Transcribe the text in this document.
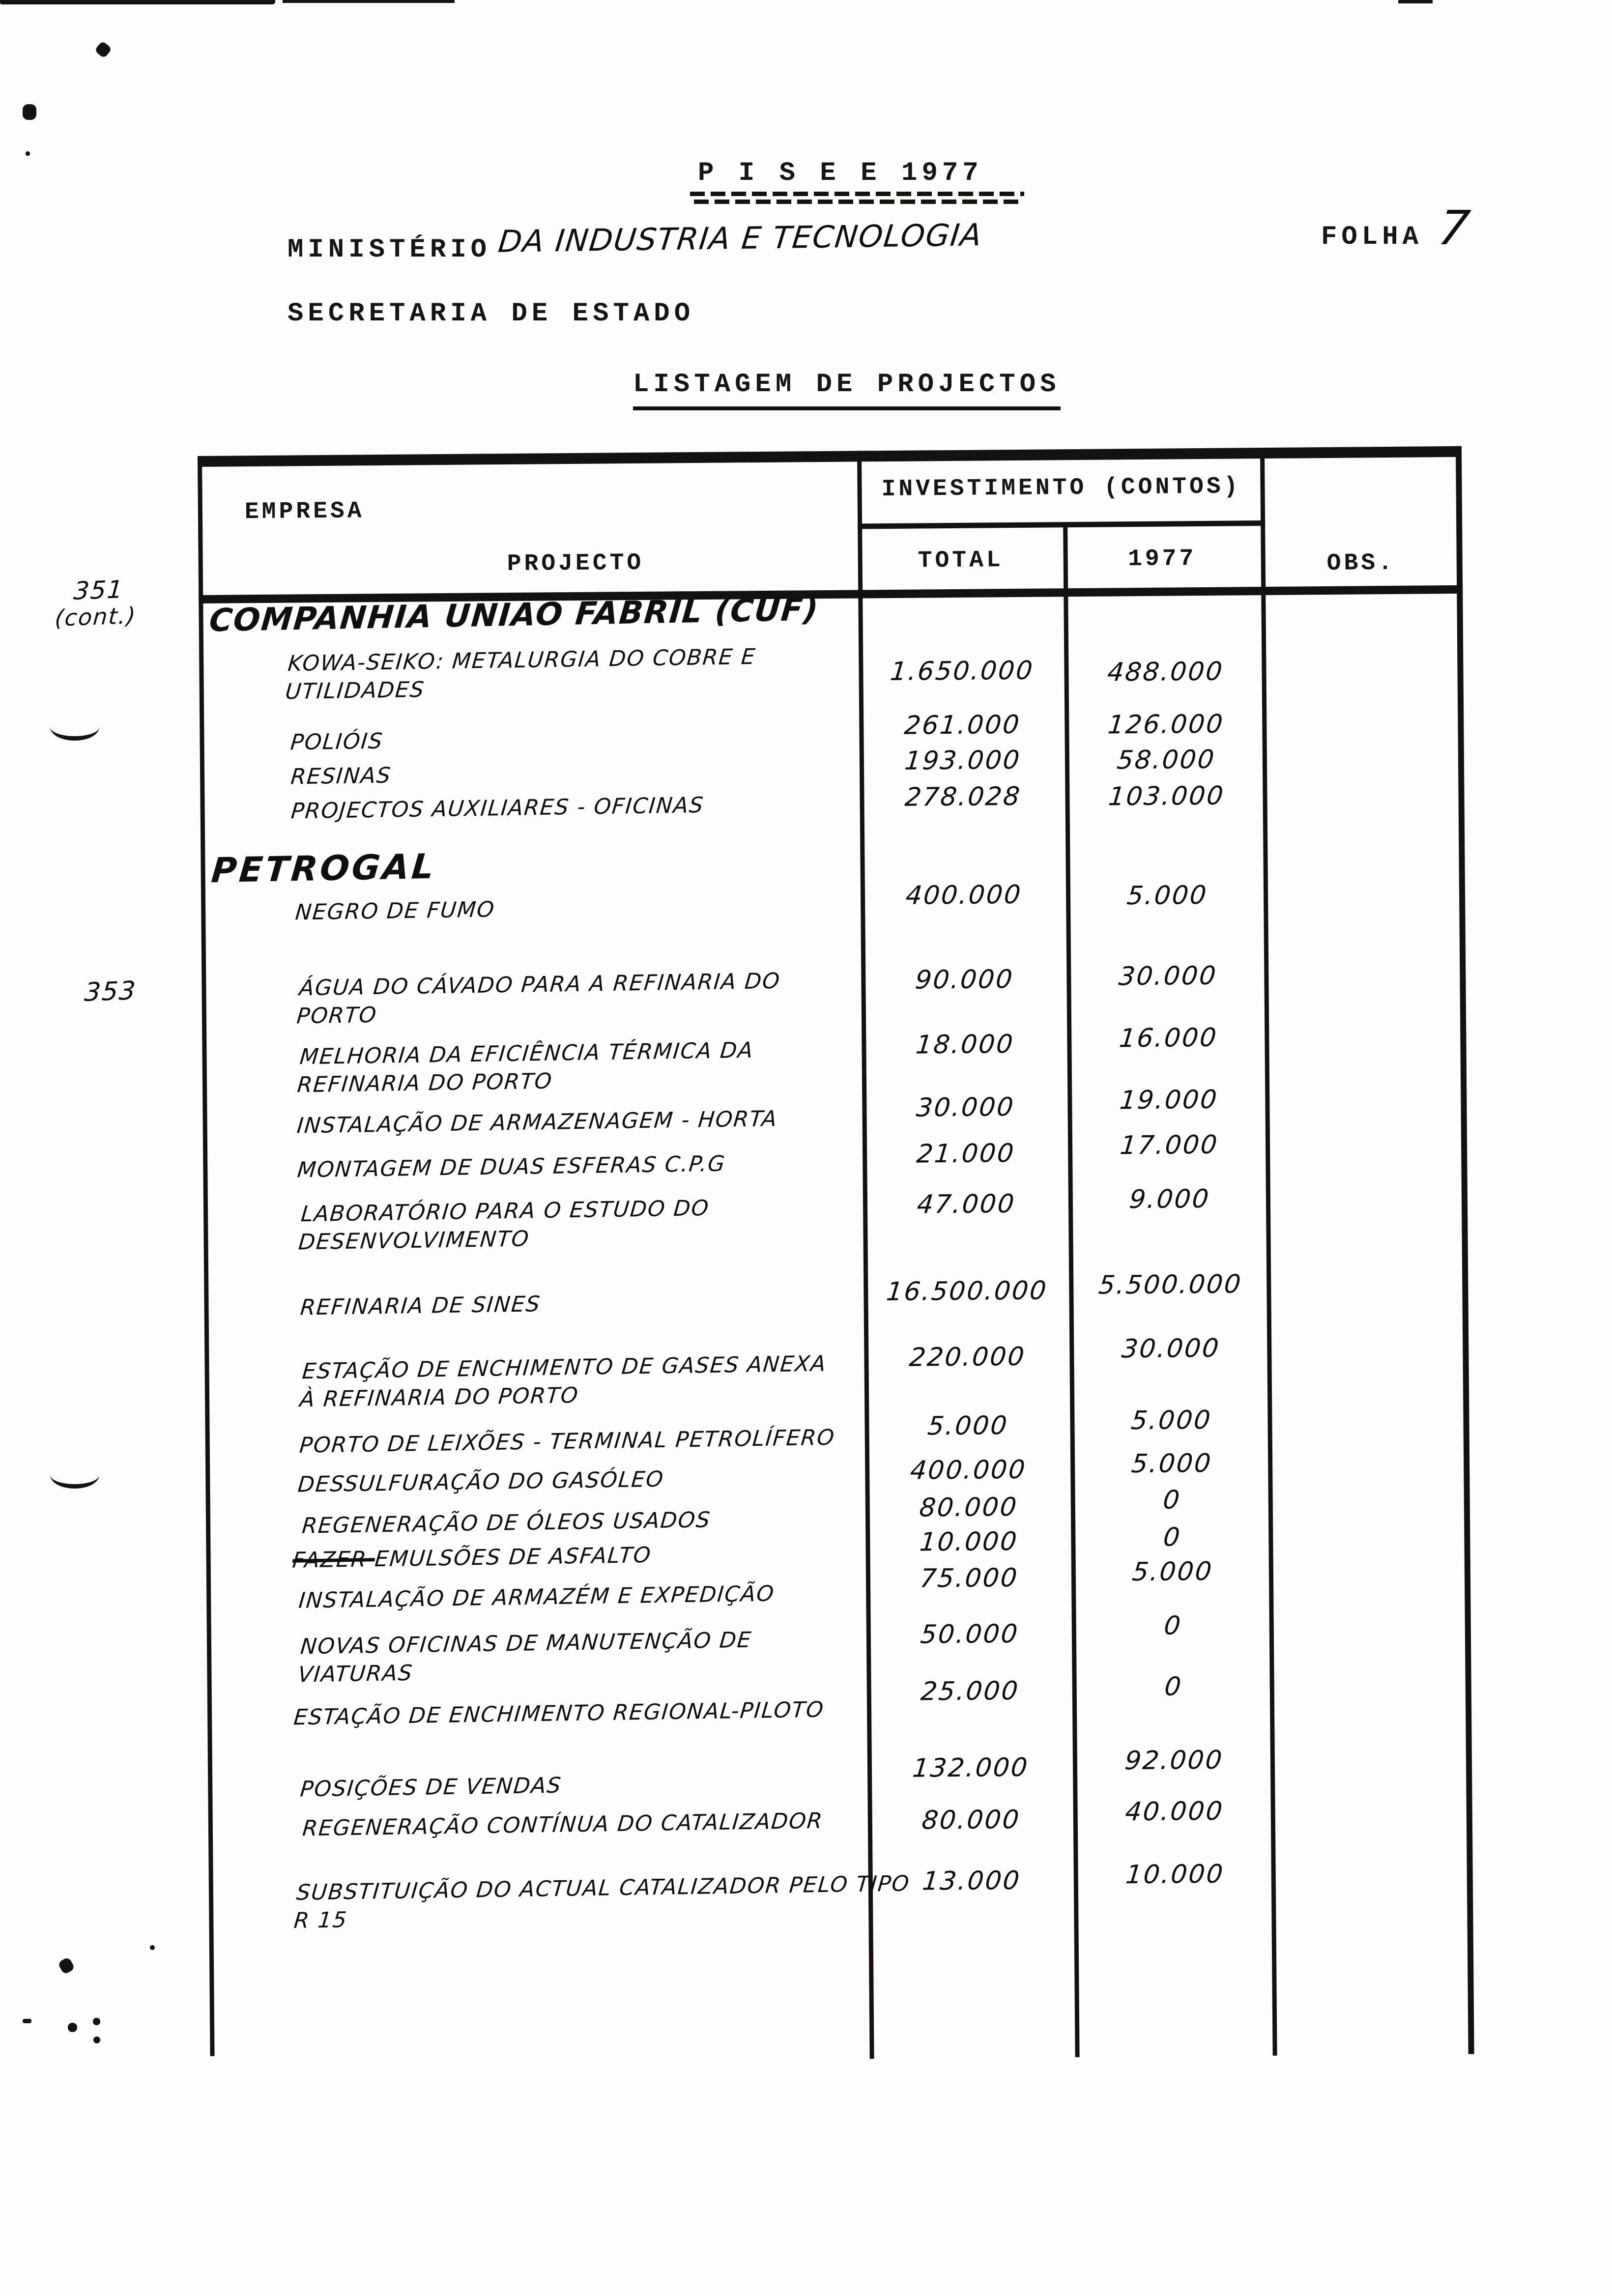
P I S E E 1977
FOLHA 7
MINISTÉRIO DA INDUSTRIA E TECNOLOGIA
SECRETARIA DE ESTADO
LISTAGEM DE PROJECTOS
351
(cont.)
353
EMPRESA
PROJECTO
INVESTIMENTO (CONTOS)
TOTAL	1977	OBS.
COMPANHIA UNIÃO FABRIL (CUF)
KOWA-SEIKO: METALURGIA DO COBRE E UTILIDADES
1.650.000	488.000
POLIÓIS
261.000	126.000
RESINAS
193.000	58.000
PROJECTOS AUXILIARES - OFICINAS	278.028	103.000
PETROGAL
NEGRO DE FUMO
400.000	5.000
ÁGUA DO CÁVADO PARA A REFINARIA DO PORTO
90.000	30.000
MELHORIA DA EFICIÊNCIA TÉRMICA DA REFINARIA DO PORTO
18.000	16.000
INSTALAÇÃO DE ARMAZENAGEM - HORTA	30.000	19.000
MONTAGEM DE DUAS ESFERAS C.P.G	21.000	17.000
LABORATÓRIO PARA O ESTUDO DO DESENVOLVIMENTO
47.000	9.000
REFINARIA DE SINES	16.500.000	5.500.000
ESTAÇÃO DE ENCHIMENTO DE GASES ANEXA À REFINARIA DO PORTO
220.000	30.000
PORTO DE LEIXÕES - TERMINAL PETROLÍFERO	5.000	5.000
DESSULFURAÇÃO DO GASÓLEO	400.000	5.000
REGENERAÇÃO DE ÓLEOS USADOS	80.000	0
FAZER EMULSÕES DE ASFALTO
10.000	0
INSTALAÇÃO DE ARMAZÉM E EXPEDIÇÃO
75.000	5.000
NOVAS OFICINAS DE MANUTENÇÃO DE VIATURAS
50.000	0
ESTAÇÃO DE ENCHIMENTO REGIONAL-PILOTO
25.000	0
POSIÇÕES DE VENDAS
132.000	92.000
REGENERAÇÃO CONTÍNUA DO CATALIZADOR	80.000	40.000
SUBSTITUIÇÃO DO ACTUAL CATALIZADOR PELO TIPO R 15
13.000	10.000
